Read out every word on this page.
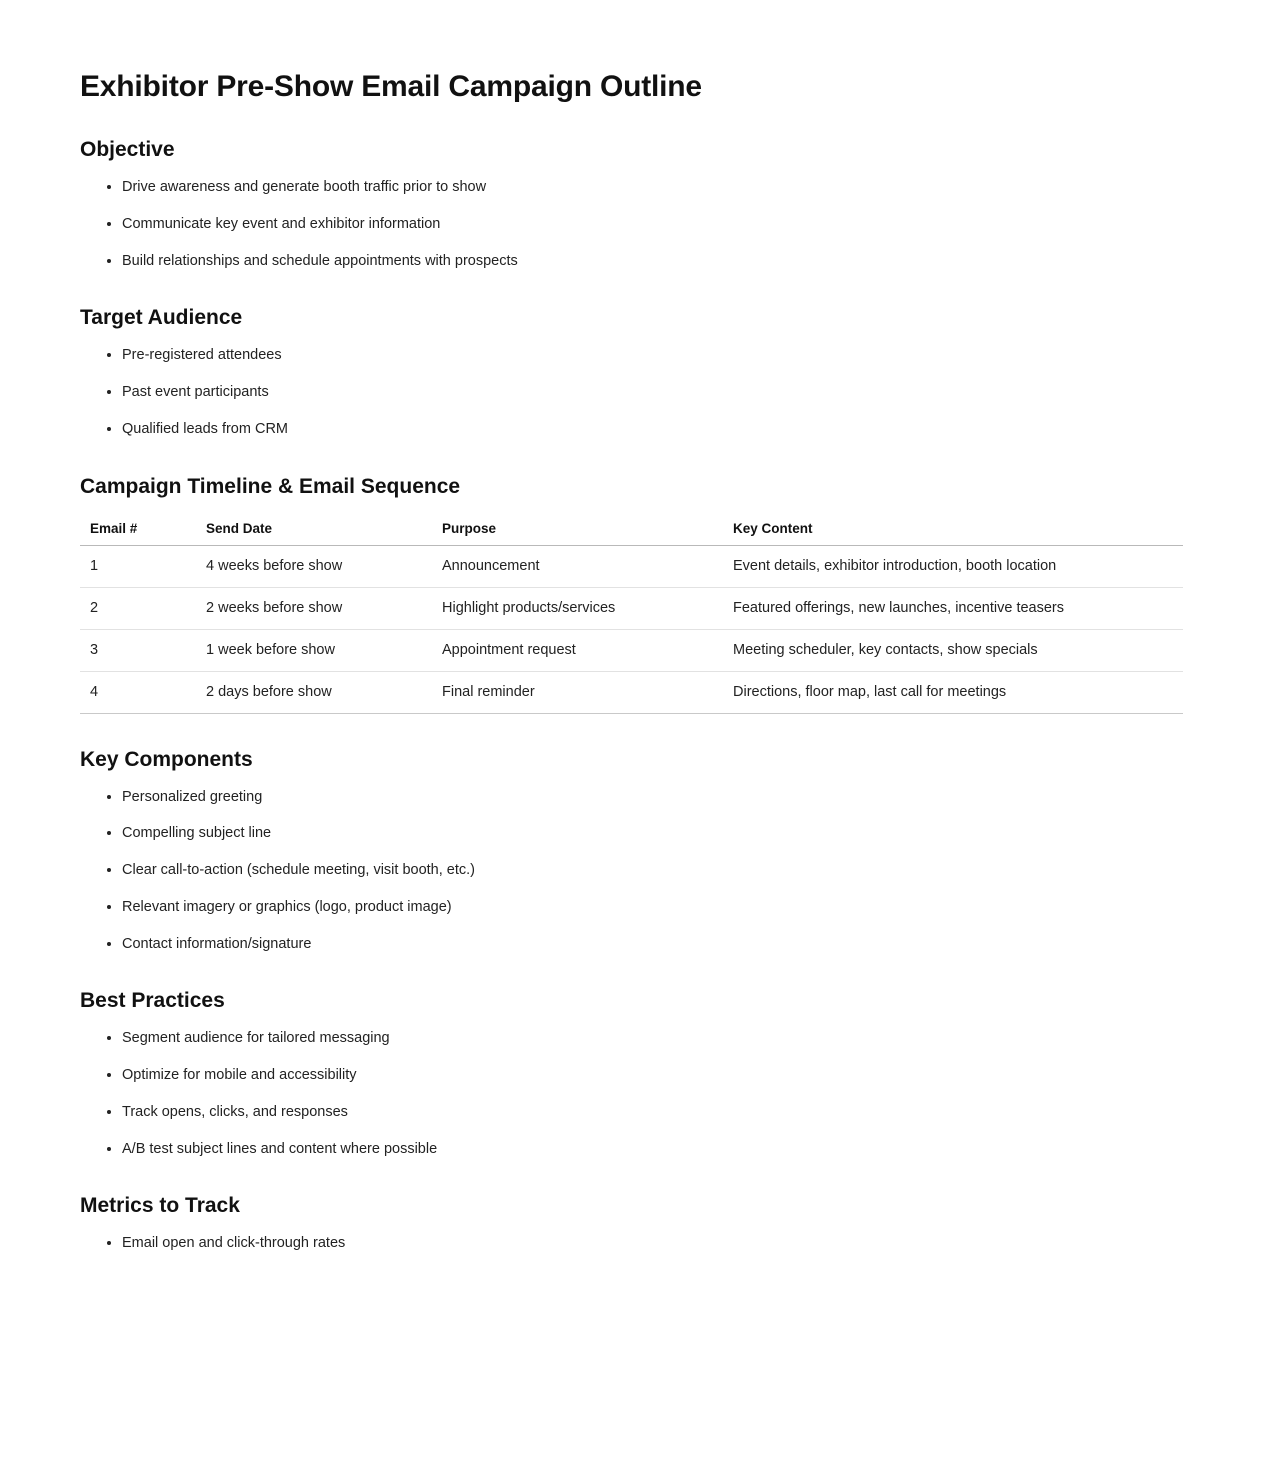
Exhibitor Pre-Show Email Campaign Outline
Objective
• Drive awareness and generate booth traffic prior to show
• Communicate key event and exhibitor information
• Build relationships and schedule appointments with prospects
Target Audience
• Pre-registered attendees
• Past event participants
• Qualified leads from CRM
Campaign Timeline & Email Sequence
Email #	Send Date	Purpose	Key Content
1	4 weeks before show	Announcement	Event details, exhibitor introduction, booth location
2	2 weeks before show	Highlight products/services	Featured offerings, new launches, incentive teasers
3	1 week before show	Appointment request	Meeting scheduler, key contacts, show specials
4	2 days before show	Final reminder	Directions, floor map, last call for meetings
Key Components
• Personalized greeting
• Compelling subject line
• Clear call-to-action (schedule meeting, visit booth, etc.)
• Relevant imagery or graphics (logo, product image)
• Contact information/signature
Best Practices
• Segment audience for tailored messaging
• Optimize for mobile and accessibility
• Track opens, clicks, and responses
• A/B test subject lines and content where possible
Metrics to Track
• Email open and click-through rates
